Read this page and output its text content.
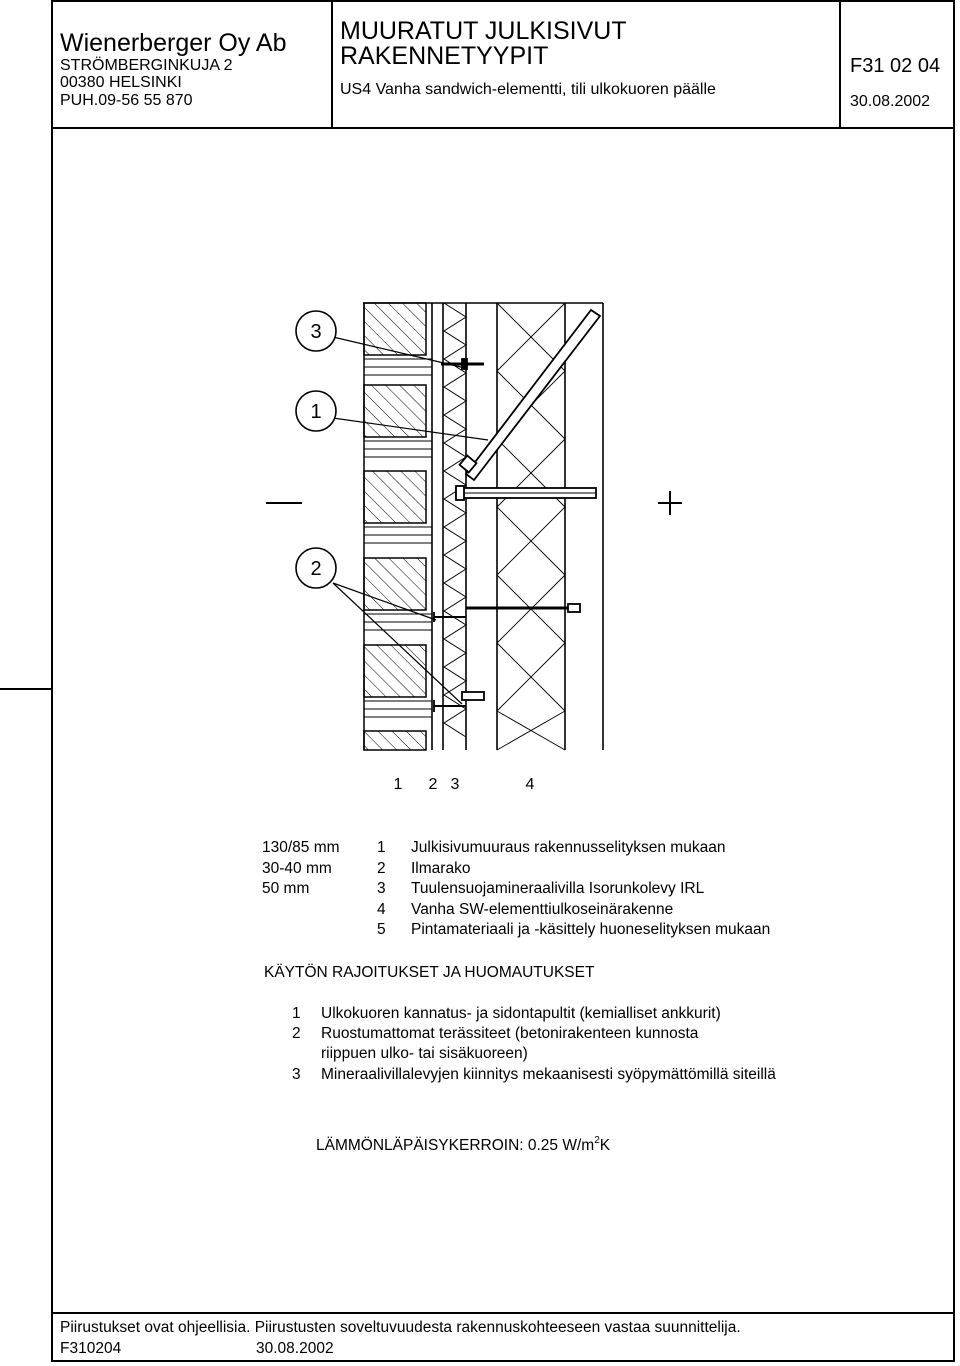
Wienerberger Oy Ab
STRÖMBERGINKUJA 2
00380 HELSINKI
PUH.09-56 55 870
MUURATUT JULKISIVUT
RAKENNETYYPIT
US4 Vanha sandwich-elementti, tili ulkokuoren päälle
F31 02 04
30.08.2002
Piirustukset ovat ohjeellisia. Piirustusten soveltuvuudesta rakennuskohteeseen vastaa suunnittelija.
F310204	30.08.2002
3
1
2
1 2 3	4
130/85 mm 1 Julkisivumuuraus rakennusselityksen mukaan
30-40 mm	2 Ilmarako
50 mm	3 Tuulensuojamineraalivilla Isorunkolevy IRL
4 Vanha SW-elementtiulkoseinärakenne
5 Pintamateriaali ja -käsittely huoneselityksen mukaan
KÄYTÖN RAJOITUKSET JA HUOMAUTUKSET
1 Ulkokuoren kannatus- ja sidontapultit (kemialliset ankkurit)
2 Ruostumattomat terässiteet (betonirakenteen kunnosta
riippuen ulko- tai sisäkuoreen)
3 Mineraalivillalevyjen kiinnitys mekaanisesti syöpymättömillä siteillä
LÄMMÖNLÄPÄISYKERROIN: 0.25 $W/m^2K$
